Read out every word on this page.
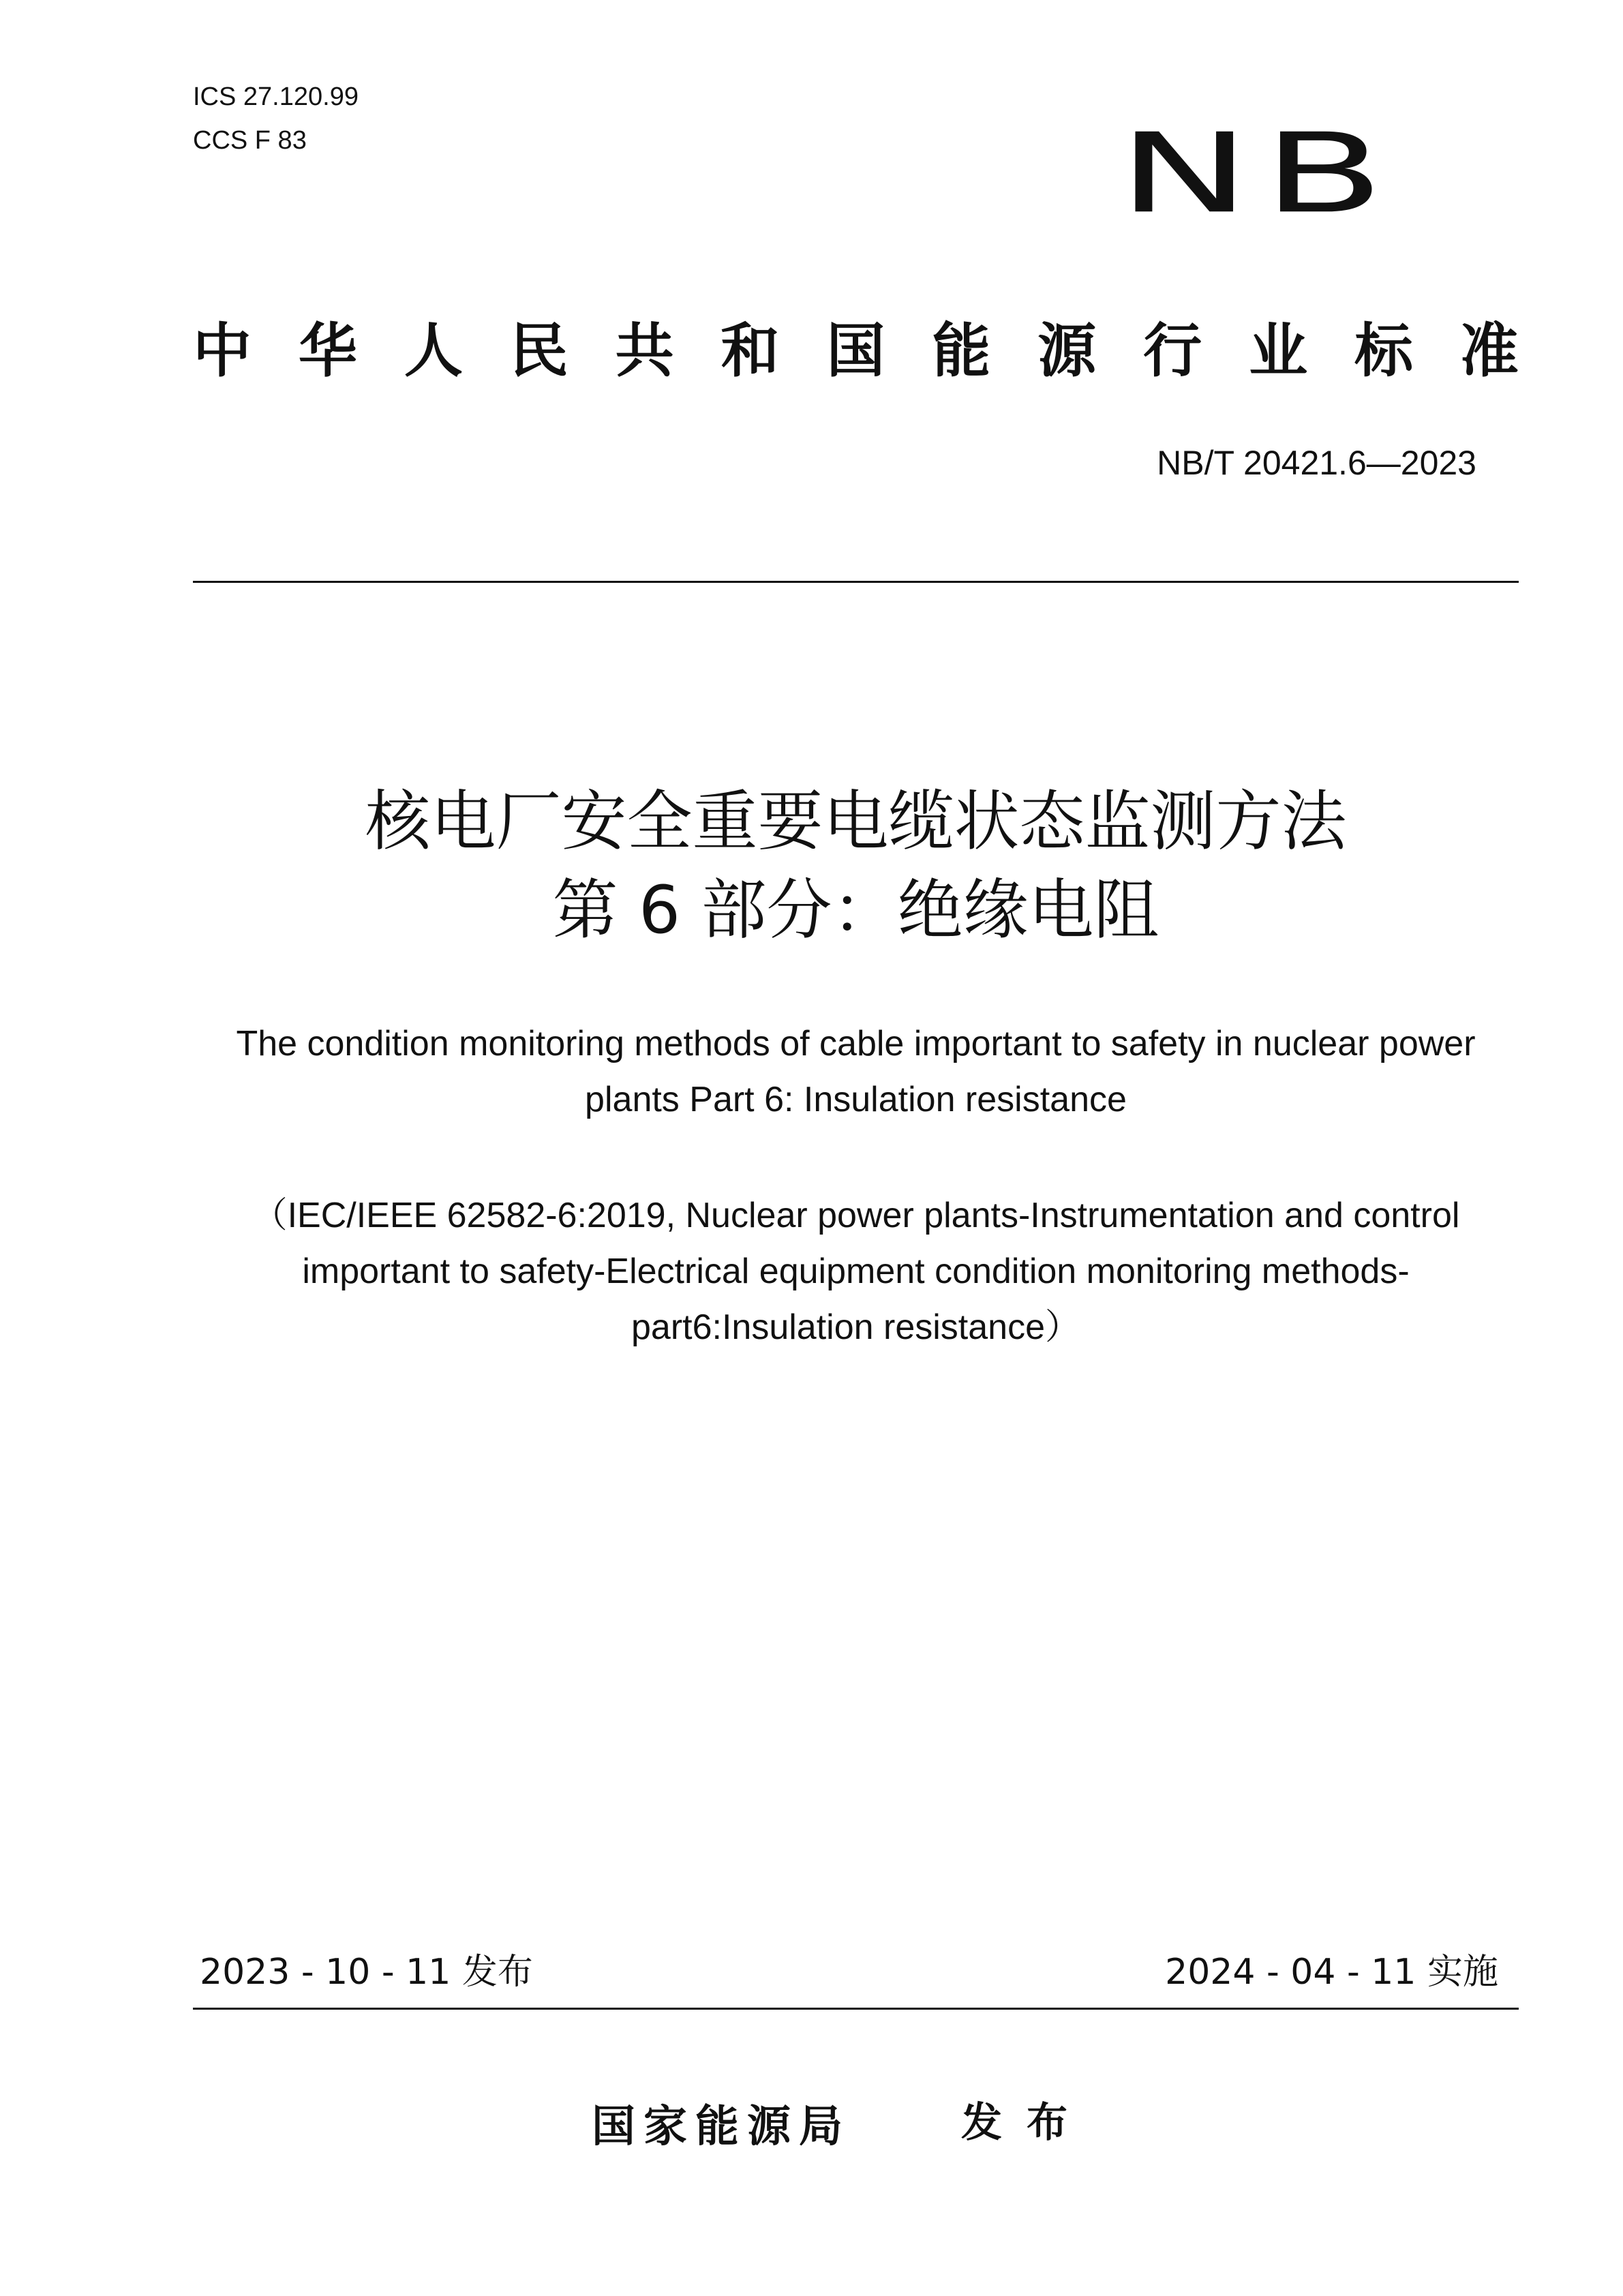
ICS 27.120.99
CCS F 83	NB
中 华 人 民 共 和 国 能 源 行 业 标 准
NB/T 20421.6—2023
核电厂安全重要电缆状态监测方法
第 6 部分：绝缘电阻
The condition monitoring methods of cable important to safety in nuclear power
plants Part 6: Insulation resistance
（IEC/IEEE 62582-6:2019, Nuclear power plants-Instrumentation and control
important to safety-Electrical equipment condition monitoring methods-
part6:Insulation resistance）
2023 - 10 - 11 发布	2024 - 04 - 11 实施
国家能源局	发布
